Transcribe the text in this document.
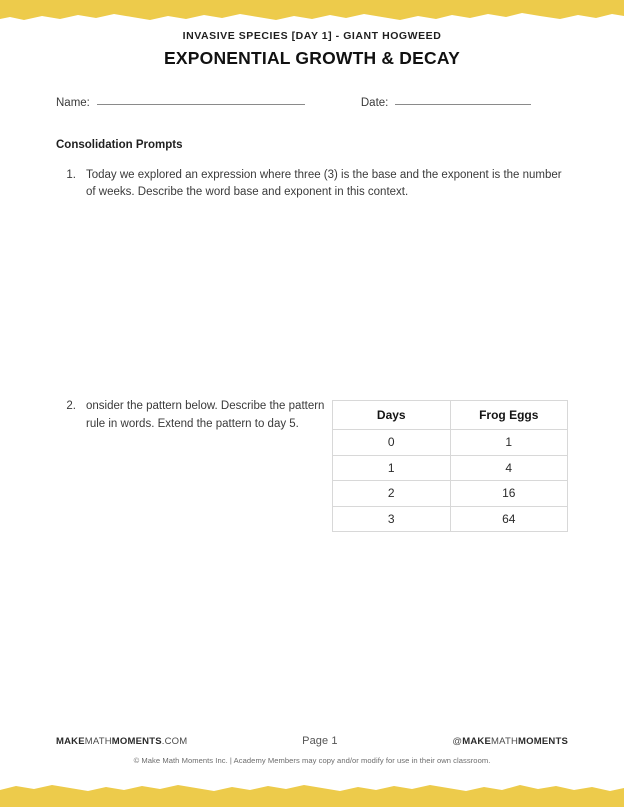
INVASIVE SPECIES [DAY 1] - GIANT HOGWEED
EXPONENTIAL GROWTH & DECAY
Name:	Date:
Consolidation Prompts
1. Today we explored an expression where three (3) is the base and the exponent is the number of weeks. Describe the word base and exponent in this context.
2. onsider the pattern below. Describe the pattern rule in words. Extend the pattern to day 5.
Days	Frog Eggs
0	1
1	4
2	16
3	64
MAKEMATHMOMENTS.COM	Page 1	@MAKEMATHMOMENTS
© Make Math Moments Inc. | Academy Members may copy and/or modify for use in their own classroom.
